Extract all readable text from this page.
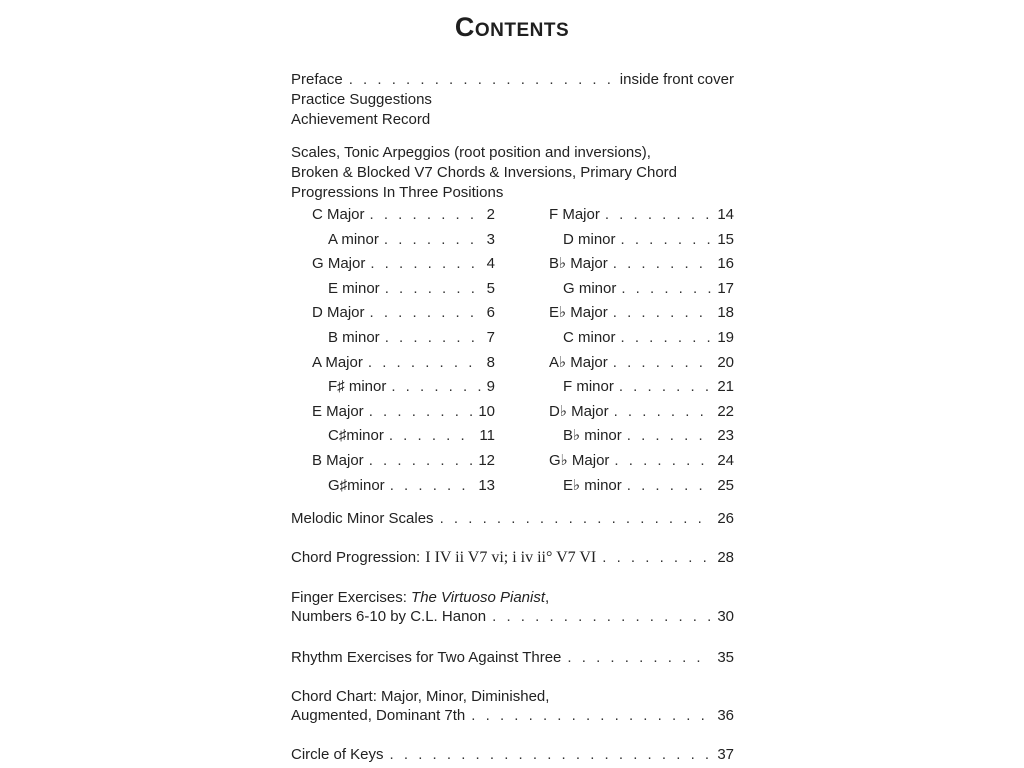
Contents
Preface . . .	inside front cover
Practice Suggestions
Achievement Record
Scales, Tonic Arpeggios (root position and inversions),
Broken & Blocked V7 Chords & Inversions, Primary Chord
Progressions In Three Positions
C Major . . .	2
A minor . . .	3
G Major . . .	4
E minor . . .	5
D Major . . .	6
B minor . . .	7
A Major . . .	8
F♯ minor . . .	9
E Major . . .	10
C♯minor . . .	11
B Major . . .	12
G♯minor . . .	13
F Major . . .	14
D minor . . .	15
B♭ Major . . .	16
G minor . . .	17
E♭ Major . . .	18
C minor . . .	19
A♭ Major . . .	20
F minor . . .	21
D♭ Major . . .	22
B♭ minor . . .	23
G♭ Major . . .	24
E♭ minor . . .	25
Melodic Minor Scales . . .	26
Chord Progression: I IV ii V7 vi; i iv ii° V7 VI . . .	28
Finger Exercises: The Virtuoso Pianist,
Numbers 6-10 by C.L. Hanon . . .	30
Rhythm Exercises for Two Against Three . . .	35
Chord Chart: Major, Minor, Diminished,
Augmented, Dominant 7th . . .	36
Circle of Keys . . .	37
